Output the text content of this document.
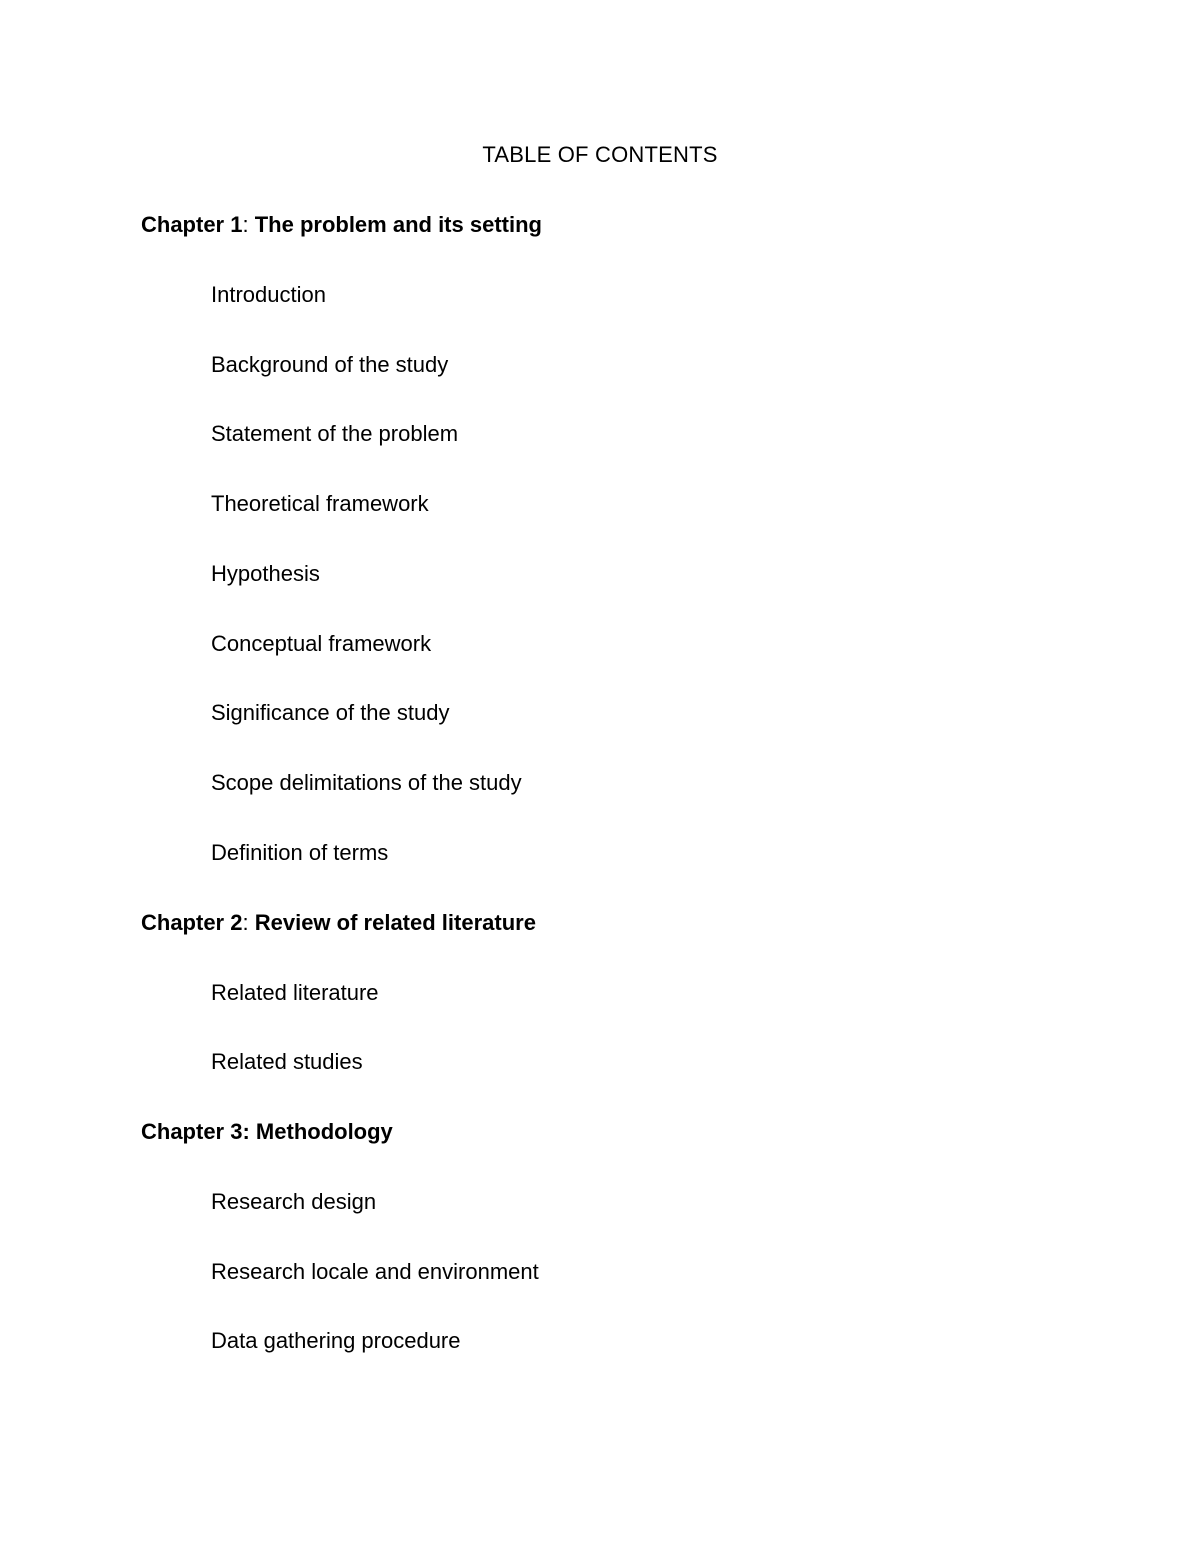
TABLE OF CONTENTS
Chapter 1: The problem and its setting
Introduction
Background of the study
Statement of the problem
Theoretical framework
Hypothesis
Conceptual framework
Significance of the study
Scope delimitations of the study
Definition of terms
Chapter 2: Review of related literature
Related literature
Related studies
Chapter 3: Methodology
Research design
Research locale and environment
Data gathering procedure
